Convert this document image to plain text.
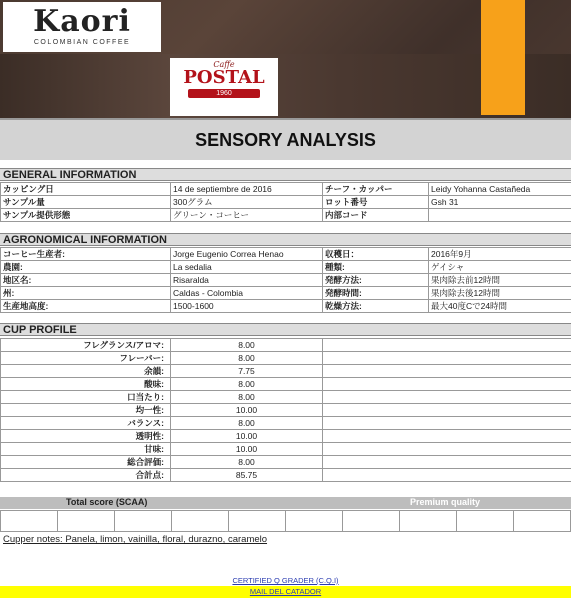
Kaori
COLOMBIAN COFFEE
Caffe
POSTAL
1960
SENSORY ANALYSIS
GENERAL INFORMATION
カッピング日	14 de septiembre de 2016	チーフ・カッパー	Leidy Yohanna Castañeda
サンプル量	300グラム	ロット番号	Gsh 31
サンプル提供形態	グリーン・コーヒー	内部コード	
AGRONOMICAL INFORMATION
コーヒー生産者:	Jorge Eugenio Correa Henao	収穫日：	2016年9月
農園:	La sedalia	種類:	ゲイシャ
地区名:	Risaralda	発酵方法:	果肉除去前12時間
州:	Caldas - Colombia	発酵時間:	果肉除去後12時間
生産地高度:	1500-1600	乾燥方法:	最大40度Cで24時間
CUP PROFILE
フレグランス/アロマ:	8.00	
フレーバー:	8.00	
余韻:	7.75	
酸味:	8.00	
口当たり:	8.00	
均一性:	10.00	
バランス:	8.00	
透明性:	10.00	
甘味:	10.00	
総合評価:	8.00	
合計点:	85.75	
Total score (SCAA)	Premium quality

Cupper notes: Panela, limon, vainilla, floral, durazno, caramelo
CERTIFIED Q GRADER (C.Q.I)
MAIL DEL CATADOR
